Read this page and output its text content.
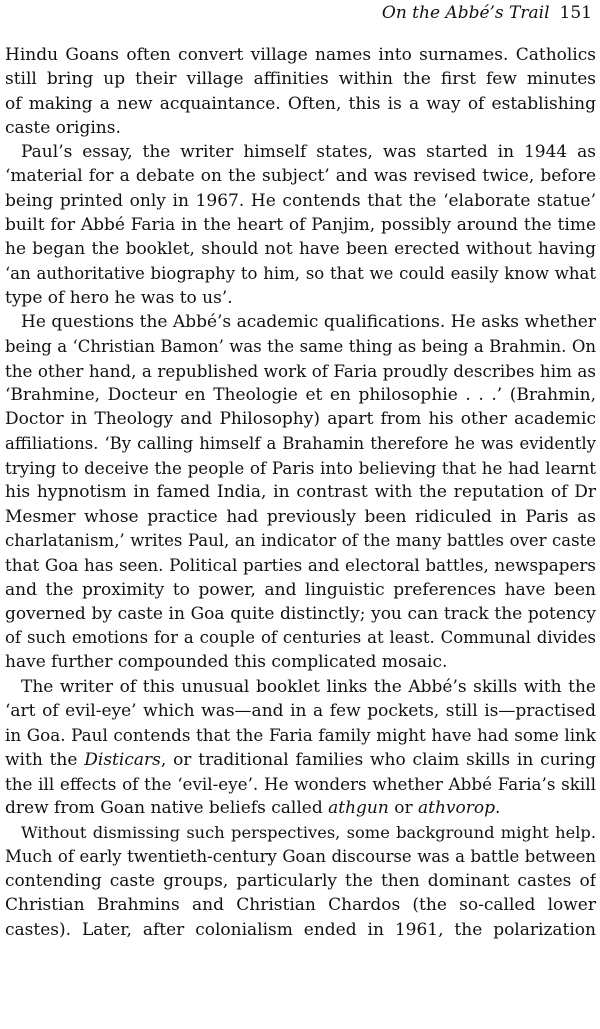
On the Abbé’s Trail 151
Hindu Goans often convert village names into surnames. Catholics
still bring up their village affinities within the first few minutes
of making a new acquaintance. Often, this is a way of establishing
caste origins.
Paul’s essay, the writer himself states, was started in 1944 as
‘material for a debate on the subject’ and was revised twice, before
being printed only in 1967. He contends that the ‘elaborate statue’
built for Abbé Faria in the heart of Panjim, possibly around the time
he began the booklet, should not have been erected without having
‘an authoritative biography to him, so that we could easily know what
type of hero he was to us’.
He questions the Abbé’s academic qualifications. He asks whether
being a ‘Christian Bamon’ was the same thing as being a Brahmin. On
the other hand, a republished work of Faria proudly describes him as
‘Brahmine, Docteur en Theologie et en philosophie . . .’ (Brahmin,
Doctor in Theology and Philosophy) apart from his other academic
affiliations. ‘By calling himself a Brahamin therefore he was evidently
trying to deceive the people of Paris into believing that he had learnt
his hypnotism in famed India, in contrast with the reputation of Dr
Mesmer whose practice had previously been ridiculed in Paris as
charlatanism,’ writes Paul, an indicator of the many battles over caste
that Goa has seen. Political parties and electoral battles, newspapers
and the proximity to power, and linguistic preferences have been
governed by caste in Goa quite distinctly; you can track the potency
of such emotions for a couple of centuries at least. Communal divides
have further compounded this complicated mosaic.
The writer of this unusual booklet links the Abbé’s skills with the
‘art of evil-eye’ which was—and in a few pockets, still is—practised
in Goa. Paul contends that the Faria family might have had some link
with the Disticars, or traditional families who claim skills in curing
the ill effects of the ‘evil-eye’. He wonders whether Abbé Faria’s skill
drew from Goan native beliefs called athgun or athvorop.
Without dismissing such perspectives, some background might help.
Much of early twentieth-century Goan discourse was a battle between
contending caste groups, particularly the then dominant castes of
Christian Brahmins and Christian Chardos (the so-called lower
castes). Later, after colonialism ended in 1961, the polarization
